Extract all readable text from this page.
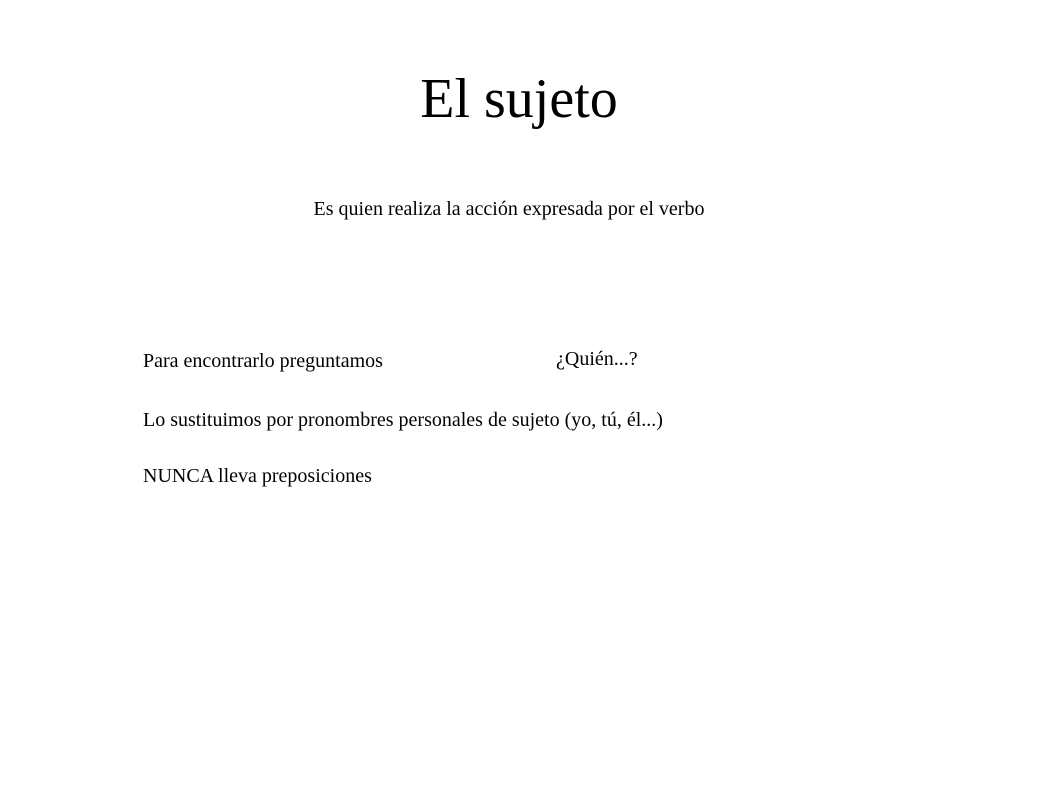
El sujeto
Es quien realiza la acción expresada por el verbo
Para encontrarlo preguntamos	¿Quién...?
Lo sustituimos por pronombres personales de sujeto (yo, tú, él...)
NUNCA lleva preposiciones
